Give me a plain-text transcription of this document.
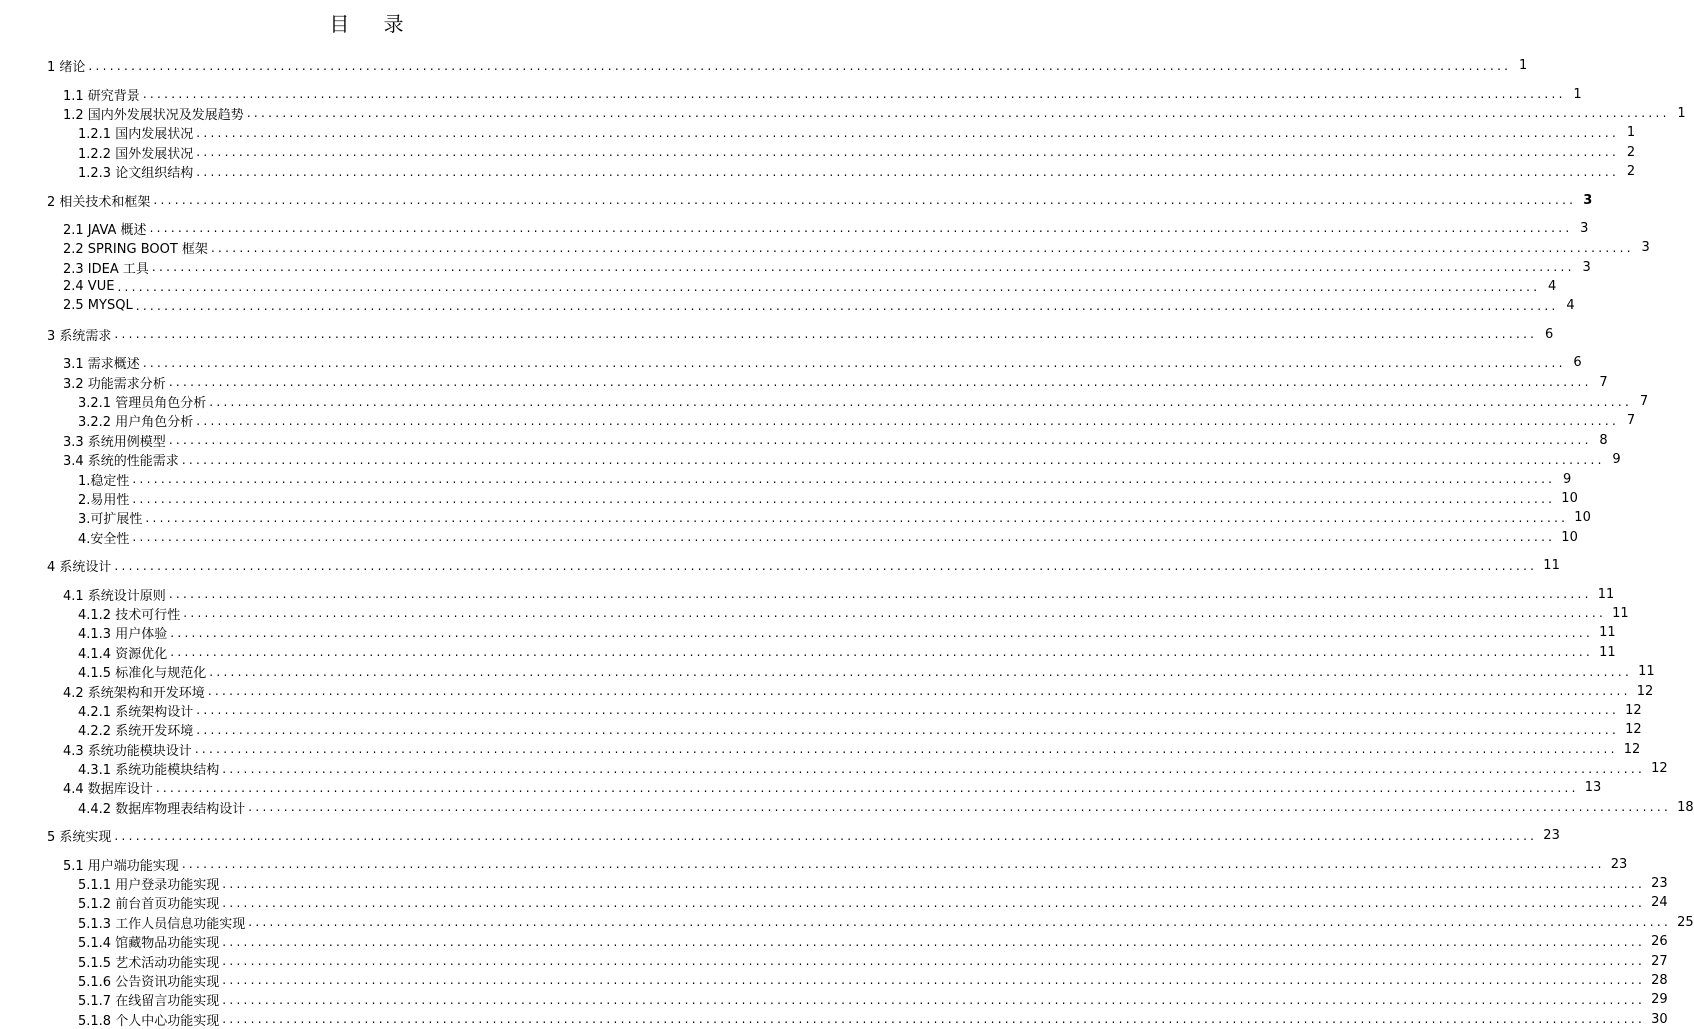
目 录
1 绪论 ........................................................................................................................................................................................................ 1
1.1 研究背景 ........................................................................................................................................................................................................ 1
1.2 国内外发展状况及发展趋势 ........................................................................................................................................................................................................ 1
1.2.1 国内发展状况 ........................................................................................................................................................................................................ 1
1.2.2 国外发展状况 ........................................................................................................................................................................................................ 2
1.2.3 论文组织结构 ........................................................................................................................................................................................................ 2
2 相关技术和框架 ........................................................................................................................................................................................................ 3
2.1 JAVA 概述 ........................................................................................................................................................................................................ 3
2.2 SPRING BOOT 框架 ........................................................................................................................................................................................................ 3
2.3 IDEA 工具 ........................................................................................................................................................................................................ 3
2.4 VUE ........................................................................................................................................................................................................ 4
2.5 MYSQL ........................................................................................................................................................................................................ 4
3 系统需求 ........................................................................................................................................................................................................ 6
3.1 需求概述 ........................................................................................................................................................................................................ 6
3.2 功能需求分析 ........................................................................................................................................................................................................ 7
3.2.1 管理员角色分析 ........................................................................................................................................................................................................ 7
3.2.2 用户角色分析 ........................................................................................................................................................................................................ 7
3.3 系统用例模型 ........................................................................................................................................................................................................ 8
3.4 系统的性能需求 ........................................................................................................................................................................................................ 9
1.稳定性 ........................................................................................................................................................................................................ 9
2.易用性 ........................................................................................................................................................................................................ 10
3.可扩展性 ........................................................................................................................................................................................................ 10
4.安全性 ........................................................................................................................................................................................................ 10
4 系统设计 ........................................................................................................................................................................................................ 11
4.1 系统设计原则 ........................................................................................................................................................................................................ 11
4.1.2 技术可行性 ........................................................................................................................................................................................................ 11
4.1.3 用户体验 ........................................................................................................................................................................................................ 11
4.1.4 资源优化 ........................................................................................................................................................................................................ 11
4.1.5 标准化与规范化 ........................................................................................................................................................................................................ 11
4.2 系统架构和开发环境 ........................................................................................................................................................................................................ 12
4.2.1 系统架构设计 ........................................................................................................................................................................................................ 12
4.2.2 系统开发环境 ........................................................................................................................................................................................................ 12
4.3 系统功能模块设计 ........................................................................................................................................................................................................ 12
4.3.1 系统功能模块结构 ........................................................................................................................................................................................................ 12
4.4 数据库设计 ........................................................................................................................................................................................................ 13
4.4.2 数据库物理表结构设计 ........................................................................................................................................................................................................ 18
5 系统实现 ........................................................................................................................................................................................................ 23
5.1 用户端功能实现 ........................................................................................................................................................................................................ 23
5.1.1 用户登录功能实现 ........................................................................................................................................................................................................ 23
5.1.2 前台首页功能实现 ........................................................................................................................................................................................................ 24
5.1.3 工作人员信息功能实现 ........................................................................................................................................................................................................ 25
5.1.4 馆藏物品功能实现 ........................................................................................................................................................................................................ 26
5.1.5 艺术活动功能实现 ........................................................................................................................................................................................................ 27
5.1.6 公告资讯功能实现 ........................................................................................................................................................................................................ 28
5.1.7 在线留言功能实现 ........................................................................................................................................................................................................ 29
5.1.8 个人中心功能实现 ........................................................................................................................................................................................................ 30
